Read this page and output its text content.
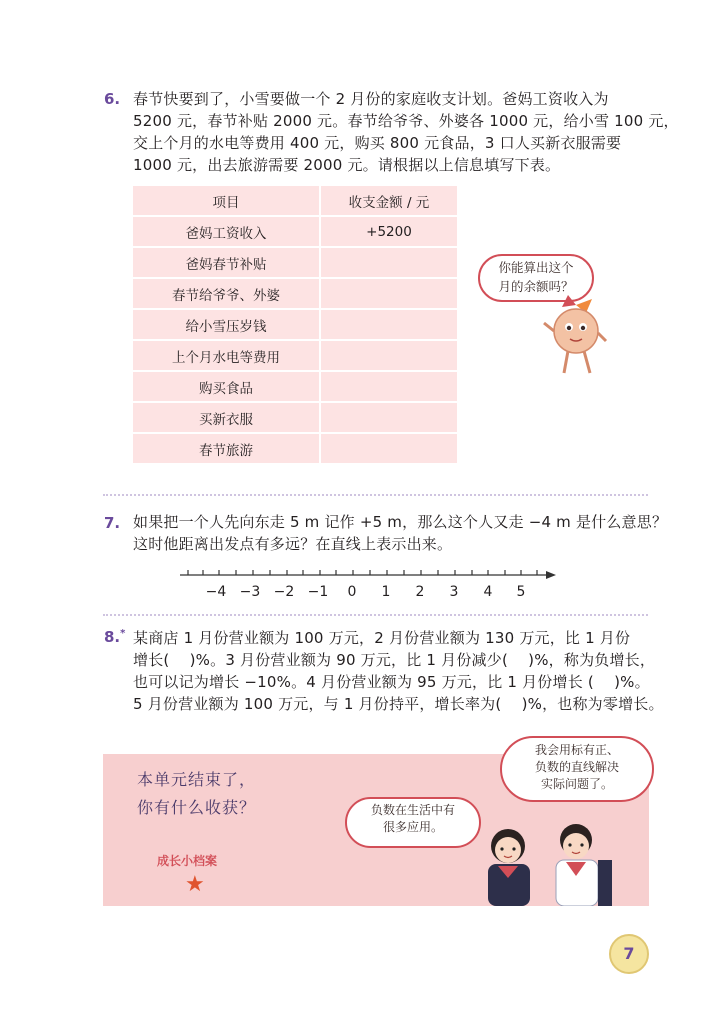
6. 春节快要到了，小雪要做一个 2 月份的家庭收支计划。爸妈工资收入为
5200 元，春节补贴 2000 元。春节给爷爷、外婆各 1000 元，给小雪 100 元，
交上个月的水电等费用 400 元，购买 800 元食品，3 口人买新衣服需要
1000 元，出去旅游需要 2000 元。请根据以上信息填写下表。
项目	收支金额 / 元
爸妈工资收入	+5200
爸妈春节补贴	
春节给爷爷、外婆	
给小雪压岁钱	
上个月水电等费用	
购买食品	
买新衣服	
春节旅游	
你能算出这个
月的余额吗？
7. 如果把一个人先向东走 5 m 记作 +5 m，那么这个人又走 −4 m 是什么意思？
这时他距离出发点有多远？在直线上表示出来。
−4 −3 −2 −1	0	1	2	3	4	5
8.* 某商店 1 月份营业额为 100 万元，2 月份营业额为 130 万元，比 1 月份
增长(　 )%。3 月份营业额为 90 万元，比 1 月份减少(　 )%，称为负增长，
也可以记为增长 −10%。4 月份营业额为 95 万元，比 1 月份增长 (　 )%。
5 月份营业额为 100 万元，与 1 月份持平，增长率为(　 )%，也称为零增长。
本单元结束了，
你有什么收获？
成长小档案
★
我会用标有正、
负数的直线解决
实际问题了。
负数在生活中有
很多应用。
7
